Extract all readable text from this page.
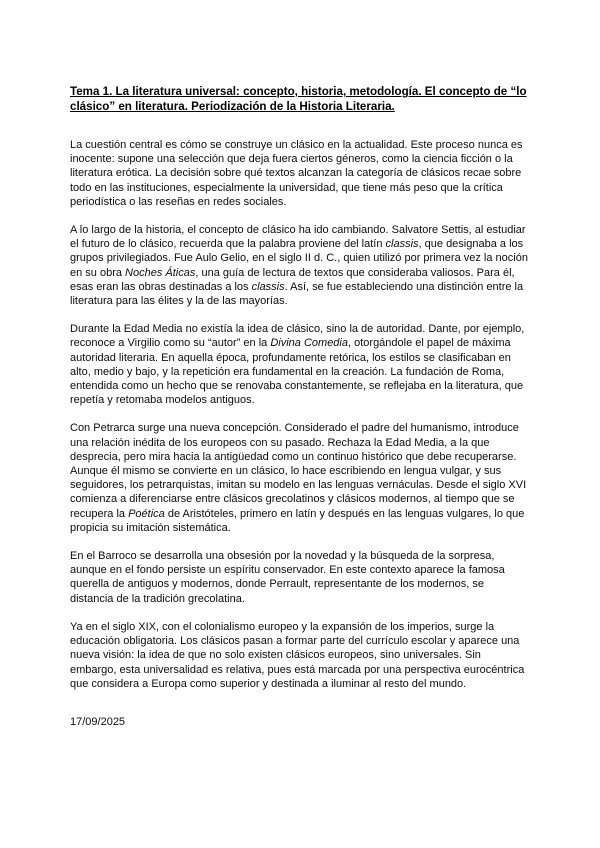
Tema 1. La literatura universal: concepto, historia, metodología. El concepto de “lo clásico” en literatura. Periodización de la Historia Literaria.

La cuestión central es cómo se construye un clásico en la actualidad. Este proceso nunca es inocente: supone una selección que deja fuera ciertos géneros, como la ciencia ficción o la literatura erótica. La decisión sobre qué textos alcanzan la categoría de clásicos recae sobre todo en las instituciones, especialmente la universidad, que tiene más peso que la crítica periodística o las reseñas en redes sociales.

A lo largo de la historia, el concepto de clásico ha ido cambiando. Salvatore Settis, al estudiar el futuro de lo clásico, recuerda que la palabra proviene del latín classis, que designaba a los grupos privilegiados. Fue Aulo Gelio, en el siglo II d. C., quien utilizó por primera vez la noción en su obra Noches Áticas, una guía de lectura de textos que consideraba valiosos. Para él, esas eran las obras destinadas a los classis. Así, se fue estableciendo una distinción entre la literatura para las élites y la de las mayorías.

Durante la Edad Media no existía la idea de clásico, sino la de autoridad. Dante, por ejemplo, reconoce a Virgilio como su “autor” en la Divina Comedia, otorgándole el papel de máxima autoridad literaria. En aquella época, profundamente retórica, los estilos se clasificaban en alto, medio y bajo, y la repetición era fundamental en la creación. La fundación de Roma, entendida como un hecho que se renovaba constantemente, se reflejaba en la literatura, que repetía y retomaba modelos antiguos.

Con Petrarca surge una nueva concepción. Considerado el padre del humanismo, introduce una relación inédita de los europeos con su pasado. Rechaza la Edad Media, a la que desprecia, pero mira hacia la antigüedad como un continuo histórico que debe recuperarse. Aunque él mismo se convierte en un clásico, lo hace escribiendo en lengua vulgar, y sus seguidores, los petrarquistas, imitan su modelo en las lenguas vernáculas. Desde el siglo XVI comienza a diferenciarse entre clásicos grecolatinos y clásicos modernos, al tiempo que se recupera la Poética de Aristóteles, primero en latín y después en las lenguas vulgares, lo que propicia su imitación sistemática.

En el Barroco se desarrolla una obsesión por la novedad y la búsqueda de la sorpresa, aunque en el fondo persiste un espíritu conservador. En este contexto aparece la famosa querella de antiguos y modernos, donde Perrault, representante de los modernos, se distancia de la tradición grecolatina.

Ya en el siglo XIX, con el colonialismo europeo y la expansión de los imperios, surge la educación obligatoria. Los clásicos pasan a formar parte del currículo escolar y aparece una nueva visión: la idea de que no solo existen clásicos europeos, sino universales. Sin embargo, esta universalidad es relativa, pues está marcada por una perspectiva eurocéntrica que considera a Europa como superior y destinada a iluminar al resto del mundo.

17/09/2025
